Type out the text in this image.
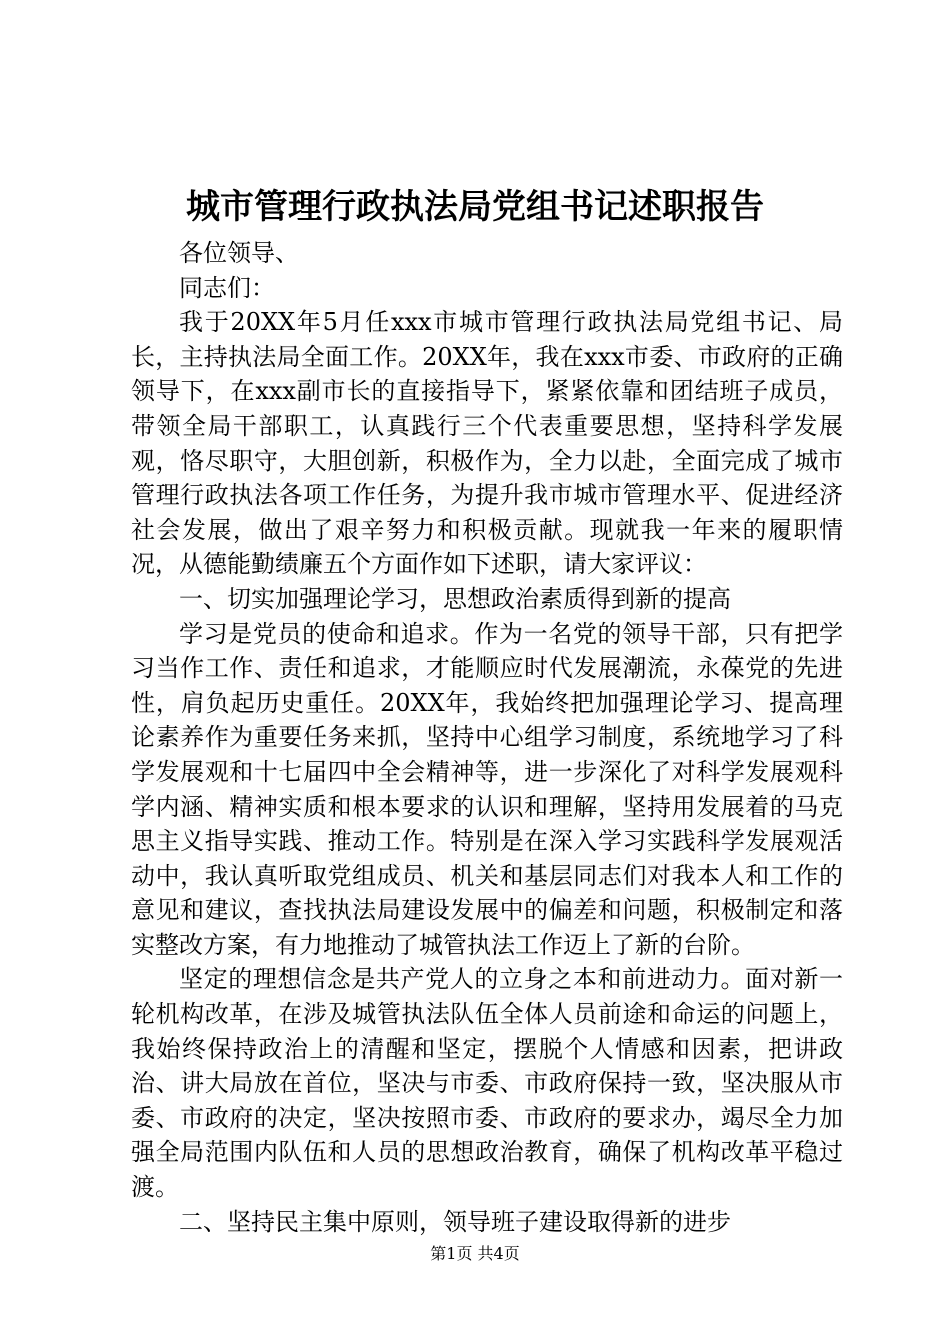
城市管理行政执法局党组书记述职报告

各位领导、

同志们：

我于20XX年5月任xxx市城市管理行政执法局党组书记、局长，主持执法局全面工作。20XX年，我在xxx市委、市政府的正确领导下，在xxx副市长的直接指导下，紧紧依靠和团结班子成员，带领全局干部职工，认真践行三个代表重要思想，坚持科学发展观，恪尽职守，大胆创新，积极作为，全力以赴，全面完成了城市管理行政执法各项工作任务，为提升我市城市管理水平、促进经济社会发展，做出了艰辛努力和积极贡献。现就我一年来的履职情况，从德能勤绩廉五个方面作如下述职，请大家评议：

一、切实加强理论学习，思想政治素质得到新的提高

学习是党员的使命和追求。作为一名党的领导干部，只有把学习当作工作、责任和追求，才能顺应时代发展潮流，永葆党的先进性，肩负起历史重任。20XX年，我始终把加强理论学习、提高理论素养作为重要任务来抓，坚持中心组学习制度，系统地学习了科学发展观和十七届四中全会精神等，进一步深化了对科学发展观科学内涵、精神实质和根本要求的认识和理解，坚持用发展着的马克思主义指导实践、推动工作。特别是在深入学习实践科学发展观活动中，我认真听取党组成员、机关和基层同志们对我本人和工作的意见和建议，查找执法局建设发展中的偏差和问题，积极制定和落实整改方案，有力地推动了城管执法工作迈上了新的台阶。

坚定的理想信念是共产党人的立身之本和前进动力。面对新一轮机构改革，在涉及城管执法队伍全体人员前途和命运的问题上，我始终保持政治上的清醒和坚定，摆脱个人情感和因素，把讲政治、讲大局放在首位，坚决与市委、市政府保持一致，坚决服从市委、市政府的决定，坚决按照市委、市政府的要求办，竭尽全力加强全局范围内队伍和人员的思想政治教育，确保了机构改革平稳过渡。

二、坚持民主集中原则，领导班子建设取得新的进步

第1页 共4页
